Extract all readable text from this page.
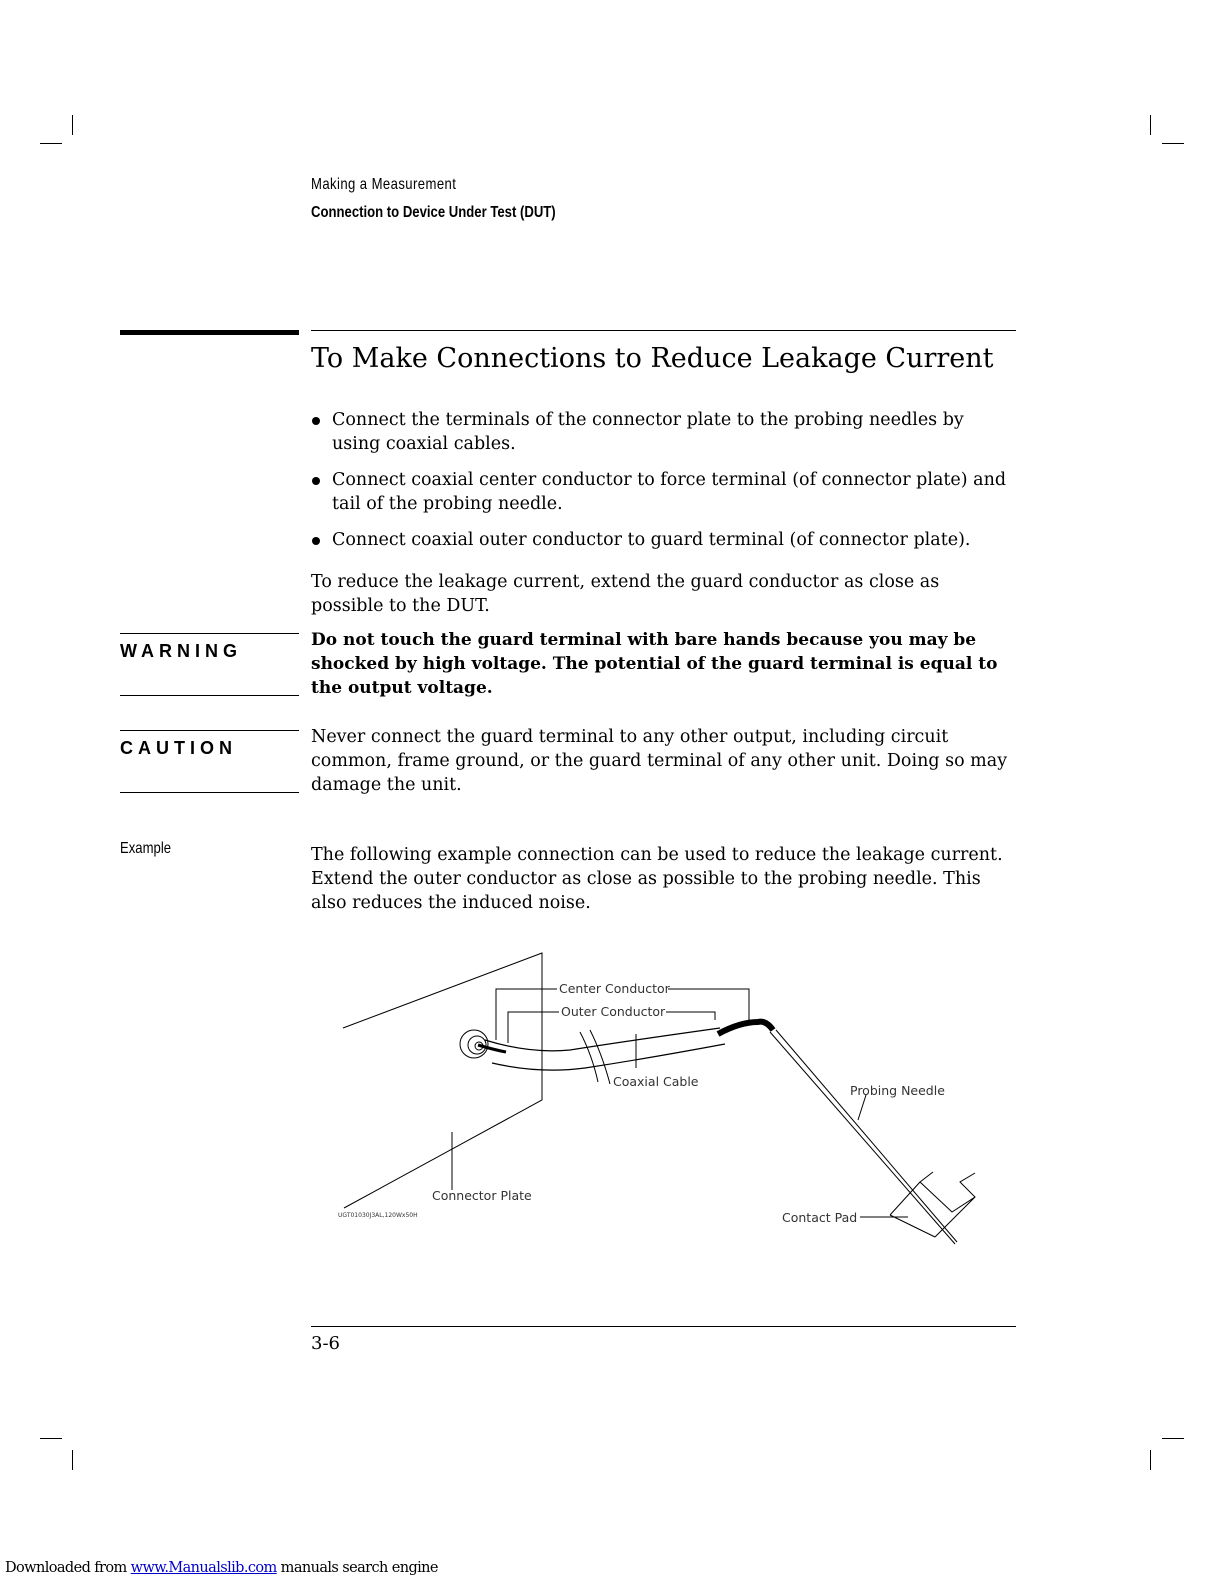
Making a Measurement
Connection to Device Under Test (DUT)
To Make Connections to Reduce Leakage Current
Connect the terminals of the connector plate to the probing needles by using coaxial cables.
Connect coaxial center conductor to force terminal (of connector plate) and tail of the probing needle.
Connect coaxial outer conductor to guard terminal (of connector plate).
To reduce the leakage current, extend the guard conductor as close as possible to the DUT.
WARNING
Do not touch the guard terminal with bare hands because you may be shocked by high voltage. The potential of the guard terminal is equal to the output voltage.
CAUTION
Never connect the guard terminal to any other output, including circuit common, frame ground, or the guard terminal of any other unit. Doing so may damage the unit.
Example	The following example connection can be used to reduce the leakage current. Extend the outer conductor as close as possible to the probing needle. This also reduces the induced noise.
Center Conductor
Outer Conductor
Coaxial Cable
Probing Needle
Connector Plate
Contact Pad
UGT01030J3AL,120Wx50H
3-6
Downloaded from www.Manualslib.com manuals search engine
